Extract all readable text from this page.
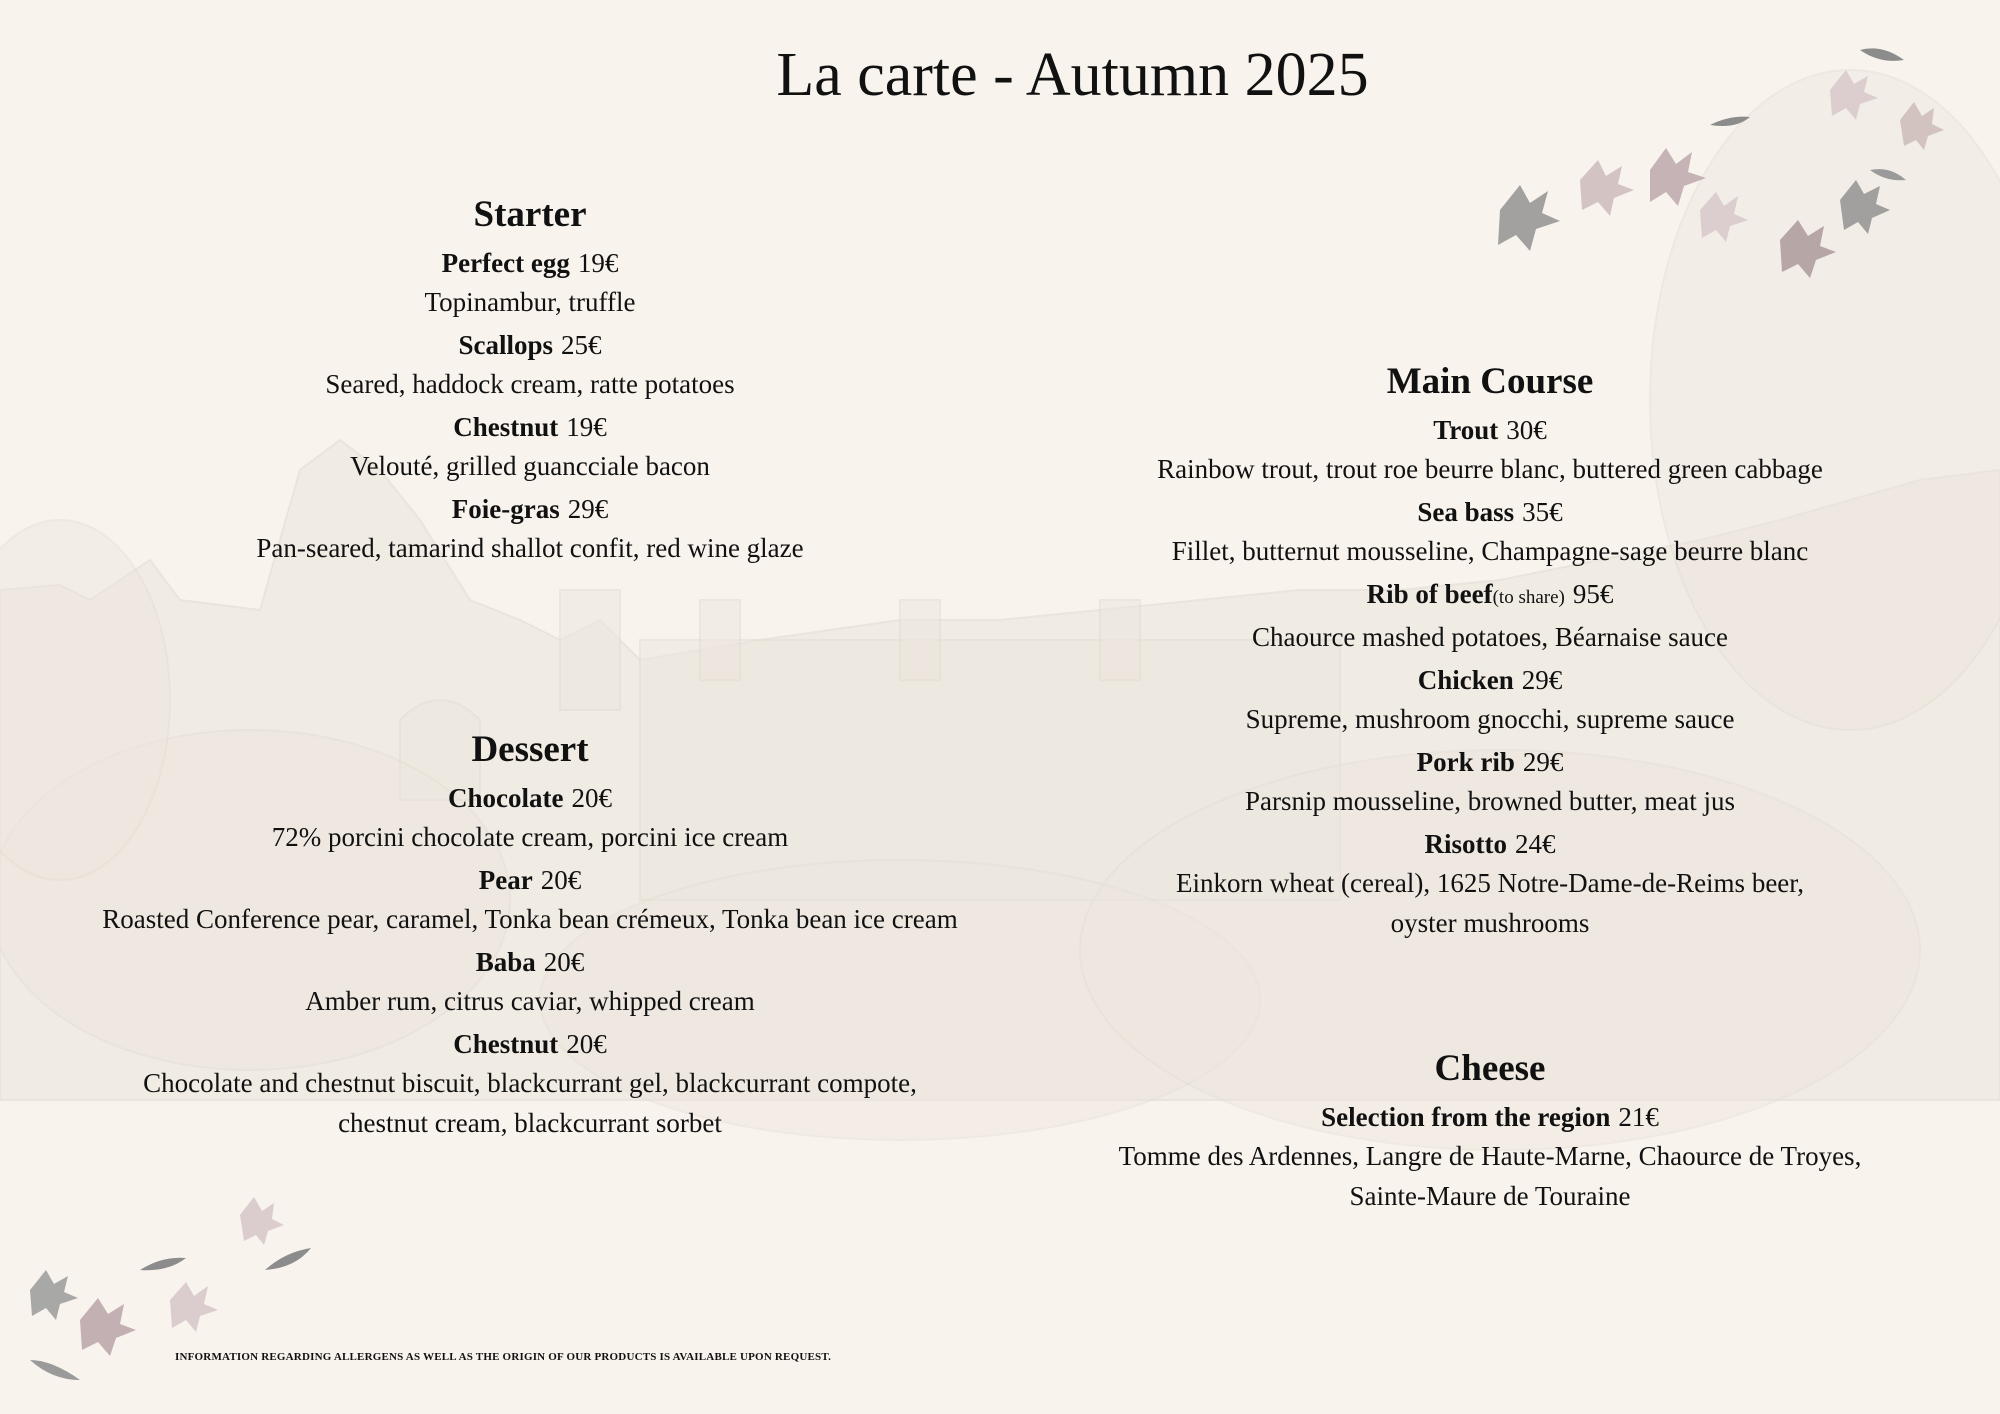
La carte - Autumn 2025
Starter
Perfect egg 19€
Topinambur, truffle
Scallops 25€
Seared, haddock cream, ratte potatoes
Chestnut 19€
Velouté, grilled guancciale bacon
Foie-gras 29€
Pan-seared, tamarind shallot confit, red wine glaze
Dessert
Chocolate 20€
72% porcini chocolate cream, porcini ice cream
Pear 20€
Roasted Conference pear, caramel, Tonka bean crémeux, Tonka bean ice cream
Baba 20€
Amber rum, citrus caviar, whipped cream
Chestnut 20€
Chocolate and chestnut biscuit, blackcurrant gel, blackcurrant compote,
chestnut cream, blackcurrant sorbet
Main Course
Trout 30€
Rainbow trout, trout roe beurre blanc, buttered green cabbage
Sea bass 35€
Fillet, butternut mousseline, Champagne-sage beurre blanc
Rib of beef(to share) 95€
Chaource mashed potatoes, Béarnaise sauce
Chicken 29€
Supreme, mushroom gnocchi, supreme sauce
Pork rib 29€
Parsnip mousseline, browned butter, meat jus
Risotto 24€
Einkorn wheat (cereal), 1625 Notre-Dame-de-Reims beer,
oyster mushrooms
Cheese
Selection from the region 21€
Tomme des Ardennes, Langre de Haute-Marne, Chaource de Troyes,
Sainte-Maure de Touraine
INFORMATION REGARDING ALLERGENS AS WELL AS THE ORIGIN OF OUR PRODUCTS IS AVAILABLE UPON REQUEST.
